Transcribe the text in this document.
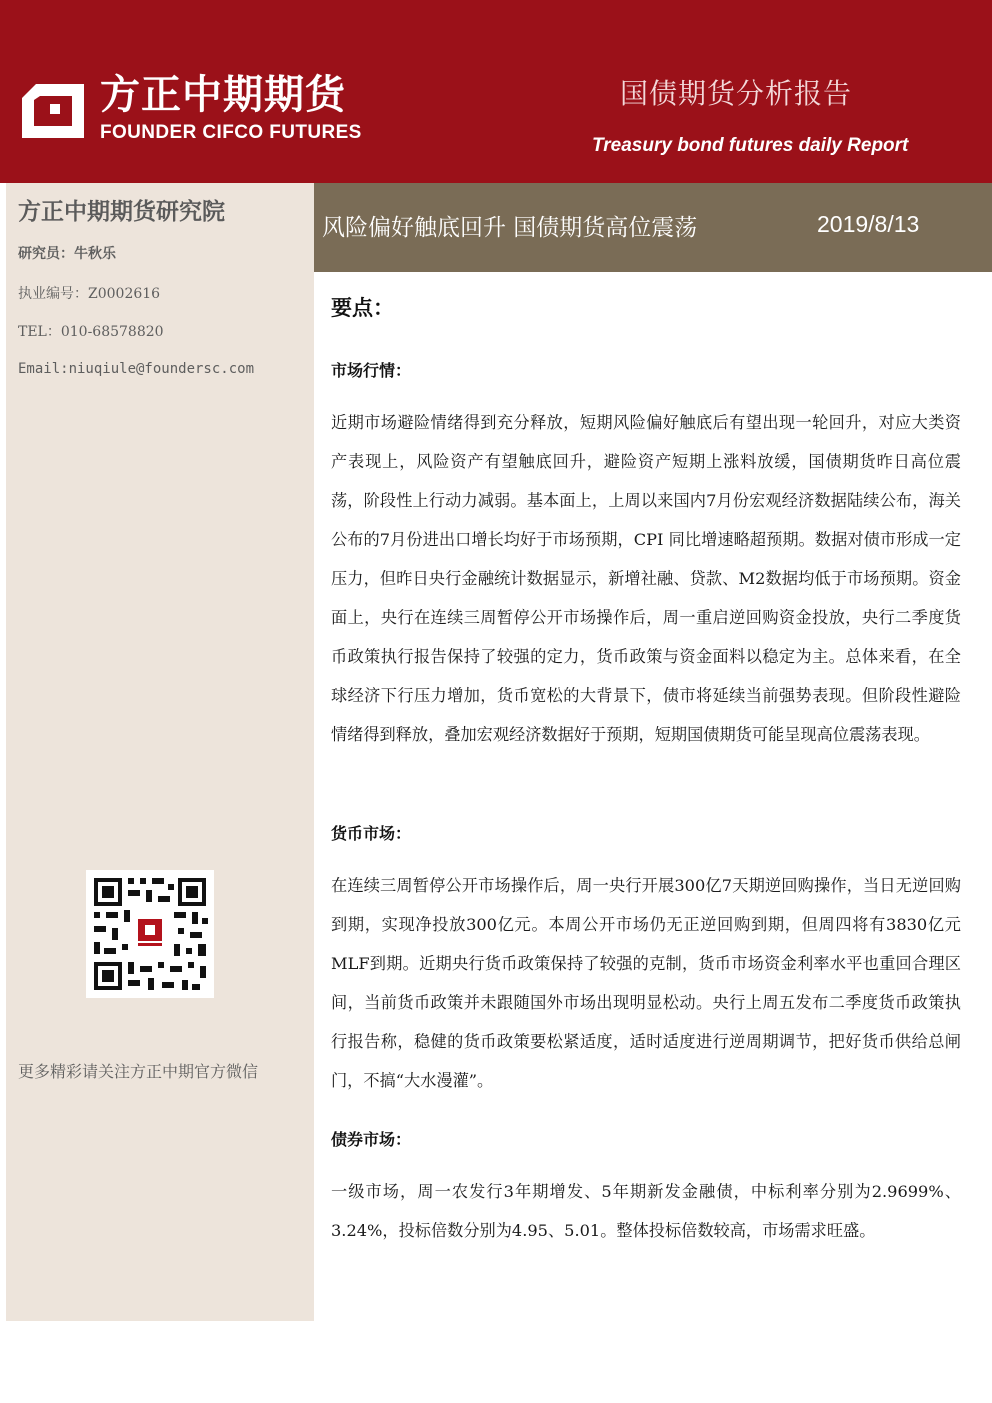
方正中期期货
FOUNDER CIFCO FUTURES
国债期货分析报告
Treasury bond futures daily Report
方正中期期货研究院
研究员：牛秋乐
执业编号：Z0002616
TEL：010-68578820
Email:niuqiule@foundersc.com
更多精彩请关注方正中期官方微信
风险偏好触底回升 国债期货高位震荡	2019/8/13
要点：
市场行情：
近期市场避险情绪得到充分释放，短期风险偏好触底后有望出现一轮回升，对应大类资产表现上，风险资产有望触底回升，避险资产短期上涨料放缓，国债期货昨日高位震荡，阶段性上行动力减弱。基本面上，上周以来国内7月份宏观经济数据陆续公布，海关公布的7月份进出口增长均好于市场预期，CPI 同比增速略超预期。数据对债市形成一定压力，但昨日央行金融统计数据显示，新增社融、贷款、M2数据均低于市场预期。资金面上，央行在连续三周暂停公开市场操作后，周一重启逆回购资金投放，央行二季度货币政策执行报告保持了较强的定力，货币政策与资金面料以稳定为主。总体来看，在全球经济下行压力增加，货币宽松的大背景下，债市将延续当前强势表现。但阶段性避险情绪得到释放，叠加宏观经济数据好于预期，短期国债期货可能呈现高位震荡表现。
货币市场：
在连续三周暂停公开市场操作后，周一央行开展300亿7天期逆回购操作，当日无逆回购到期，实现净投放300亿元。本周公开市场仍无正逆回购到期，但周四将有3830亿元MLF到期。近期央行货币政策保持了较强的克制，货币市场资金利率水平也重回合理区间，当前货币政策并未跟随国外市场出现明显松动。央行上周五发布二季度货币政策执行报告称，稳健的货币政策要松紧适度，适时适度进行逆周期调节，把好货币供给总闸门，不搞“大水漫灌”。
债券市场：
一级市场，周一农发行3年期增发、5年期新发金融债，中标利率分别为2.9699%、3.24%，投标倍数分别为4.95、5.01。整体投标倍数较高，市场需求旺盛。
